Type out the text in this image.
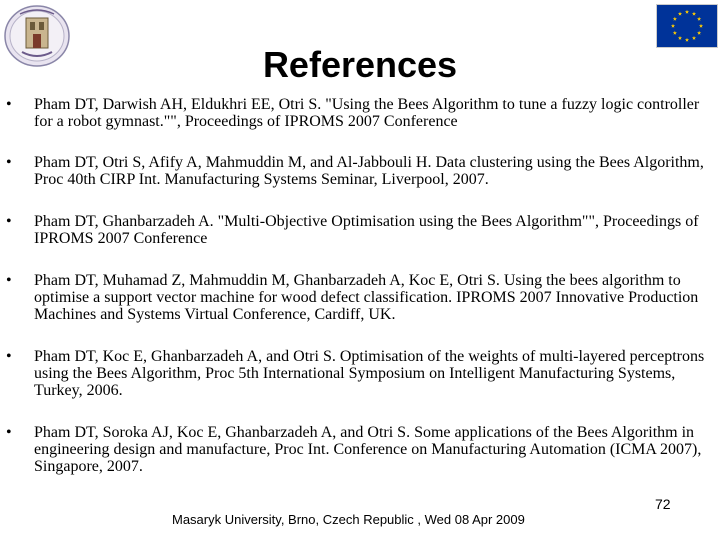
References
• Pham DT, Darwish AH, Eldukhri EE, Otri S. "Using the Bees Algorithm to tune a fuzzy logic controller for a robot gymnast."", Proceedings of IPROMS 2007 Conference
• Pham DT, Otri S, Afify A, Mahmuddin M, and Al-Jabbouli H. Data clustering using the Bees Algorithm, Proc 40th CIRP Int. Manufacturing Systems Seminar, Liverpool, 2007.
• Pham DT, Ghanbarzadeh A. "Multi-Objective Optimisation using the Bees Algorithm"", Proceedings of IPROMS 2007 Conference
• Pham DT, Muhamad Z, Mahmuddin M, Ghanbarzadeh A, Koc E, Otri S. Using the bees algorithm to optimise a support vector machine for wood defect classification. IPROMS 2007 Innovative Production Machines and Systems Virtual Conference, Cardiff, UK.
• Pham DT, Koc E, Ghanbarzadeh A, and Otri S. Optimisation of the weights of multi-layered perceptrons using the Bees Algorithm, Proc 5th International Symposium on Intelligent Manufacturing Systems, Turkey, 2006.
• Pham DT, Soroka AJ, Koc E, Ghanbarzadeh A, and Otri S. Some applications of the Bees Algorithm in engineering design and manufacture, Proc Int. Conference on Manufacturing Automation (ICMA 2007), Singapore, 2007.
72
Masaryk University, Brno, Czech Republic , Wed 08 Apr 2009
